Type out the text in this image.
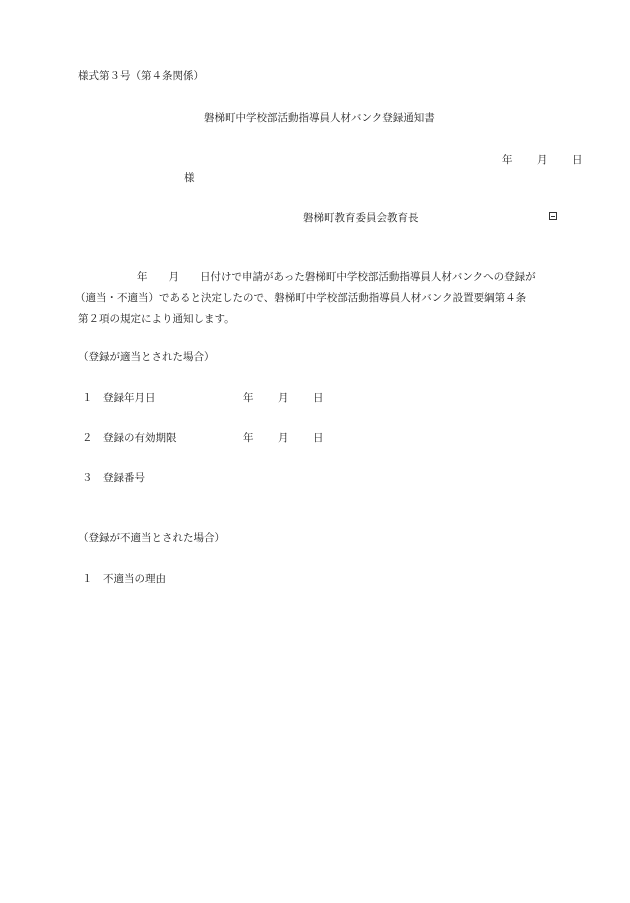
様式第３号（第４条関係）
磐梯町中学校部活動指導員人材バンク登録通知書
年 月 日
様
磐梯町教育委員会教育長
年　　月　　日付けで申請があった磐梯町中学校部活動指導員人材バンクへの登録が
（適当・不適当）であると決定したので、磐梯町中学校部活動指導員人材バンク設置要綱第４条
第２項の規定により通知します。
（登録が適当とされた場合）
１ 登録年月日	年 月 日
２ 登録の有効期限	年 月 日
３ 登録番号
（登録が不適当とされた場合）
１ 不適当の理由
